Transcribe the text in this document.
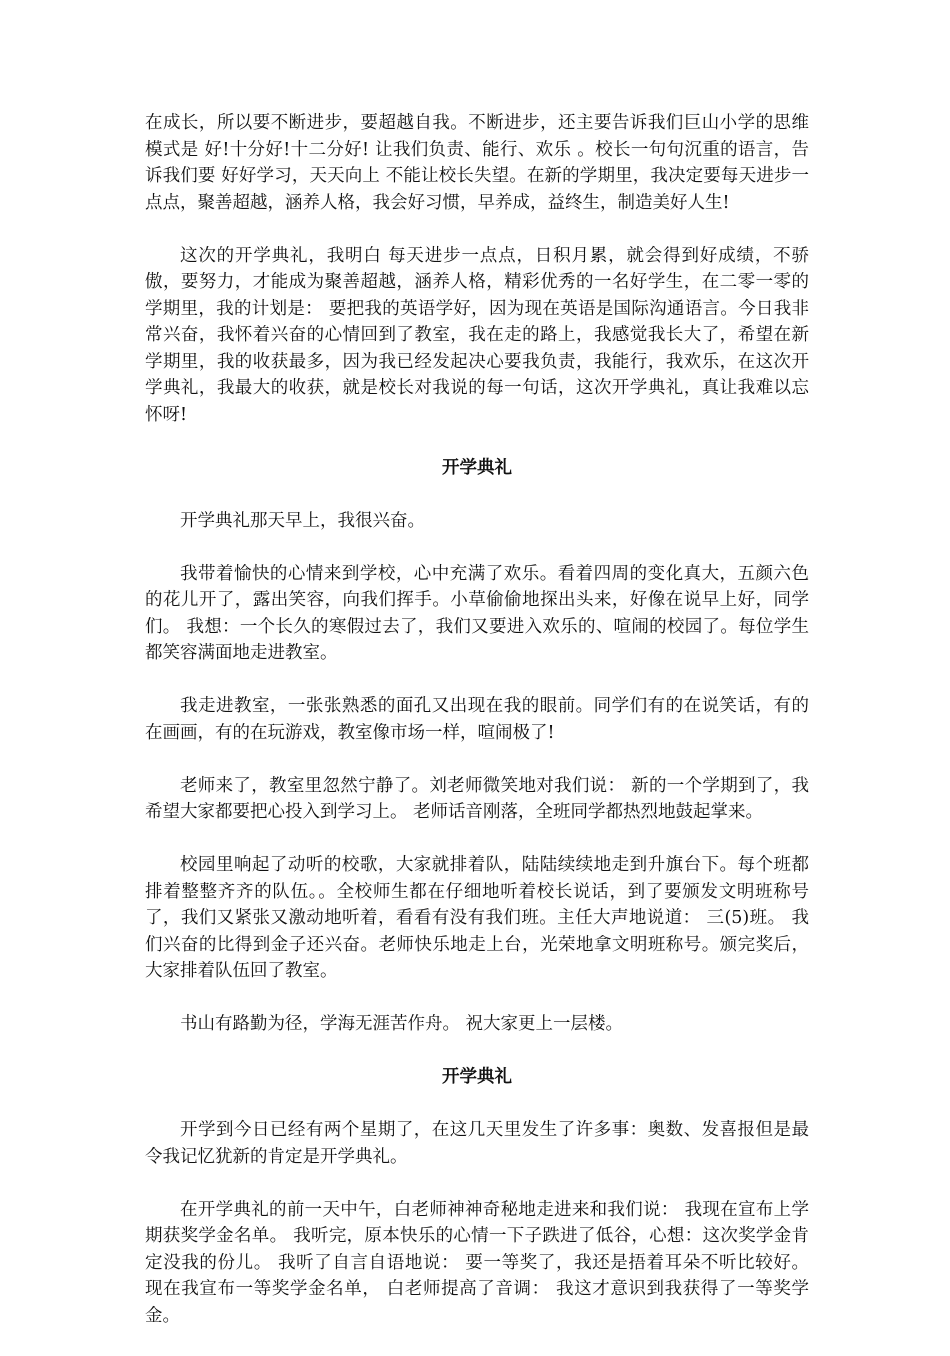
在成长，所以要不断进步，要超越自我。不断进步，还主要告诉我们巨山小学的思维模式是 好!十分好!十二分好! 让我们负责、能行、欢乐 。校长一句句沉重的语言，告诉我们要 好好学习，天天向上 不能让校长失望。在新的学期里，我决定要每天进步一点点，聚善超越，涵养人格，我会好习惯，早养成，益终生，制造美好人生!

这次的开学典礼，我明白 每天进步一点点，日积月累，就会得到好成绩，不骄傲，要努力，才能成为聚善超越，涵养人格，精彩优秀的一名好学生，在二零一零的学期里，我的计划是： 要把我的英语学好，因为现在英语是国际沟通语言。今日我非常兴奋，我怀着兴奋的心情回到了教室，我在走的路上，我感觉我长大了，希望在新学期里，我的收获最多，因为我已经发起决心要我负责，我能行，我欢乐，在这次开学典礼，我最大的收获，就是校长对我说的每一句话，这次开学典礼，真让我难以忘怀呀!

开学典礼

开学典礼那天早上，我很兴奋。

我带着愉快的心情来到学校，心中充满了欢乐。看着四周的变化真大，五颜六色的花儿开了，露出笑容，向我们挥手。小草偷偷地探出头来，好像在说早上好，同学们。 我想：一个长久的寒假过去了，我们又要进入欢乐的、喧闹的校园了。每位学生都笑容满面地走进教室。

我走进教室，一张张熟悉的面孔又出现在我的眼前。同学们有的在说笑话，有的在画画，有的在玩游戏，教室像市场一样，喧闹极了!

老师来了，教室里忽然宁静了。刘老师微笑地对我们说： 新的一个学期到了，我希望大家都要把心投入到学习上。 老师话音刚落，全班同学都热烈地鼓起掌来。

校园里响起了动听的校歌，大家就排着队，陆陆续续地走到升旗台下。每个班都排着整整齐齐的队伍。。全校师生都在仔细地听着校长说话，到了要颁发文明班称号了，我们又紧张又激动地听着，看看有没有我们班。主任大声地说道： 三(5)班。 我们兴奋的比得到金子还兴奋。老师快乐地走上台，光荣地拿文明班称号。颁完奖后，大家排着队伍回了教室。

书山有路勤为径，学海无涯苦作舟。 祝大家更上一层楼。

开学典礼

开学到今日已经有两个星期了，在这几天里发生了许多事：奥数、发喜报但是最令我记忆犹新的肯定是开学典礼。

在开学典礼的前一天中午，白老师神神奇秘地走进来和我们说： 我现在宣布上学期获奖学金名单。 我听完，原本快乐的心情一下子跌进了低谷，心想：这次奖学金肯定没我的份儿。 我听了自言自语地说： 要一等奖了，我还是捂着耳朵不听比较好。 现在我宣布一等奖学金名单， 白老师提高了音调： 我这才意识到我获得了一等奖学金。
